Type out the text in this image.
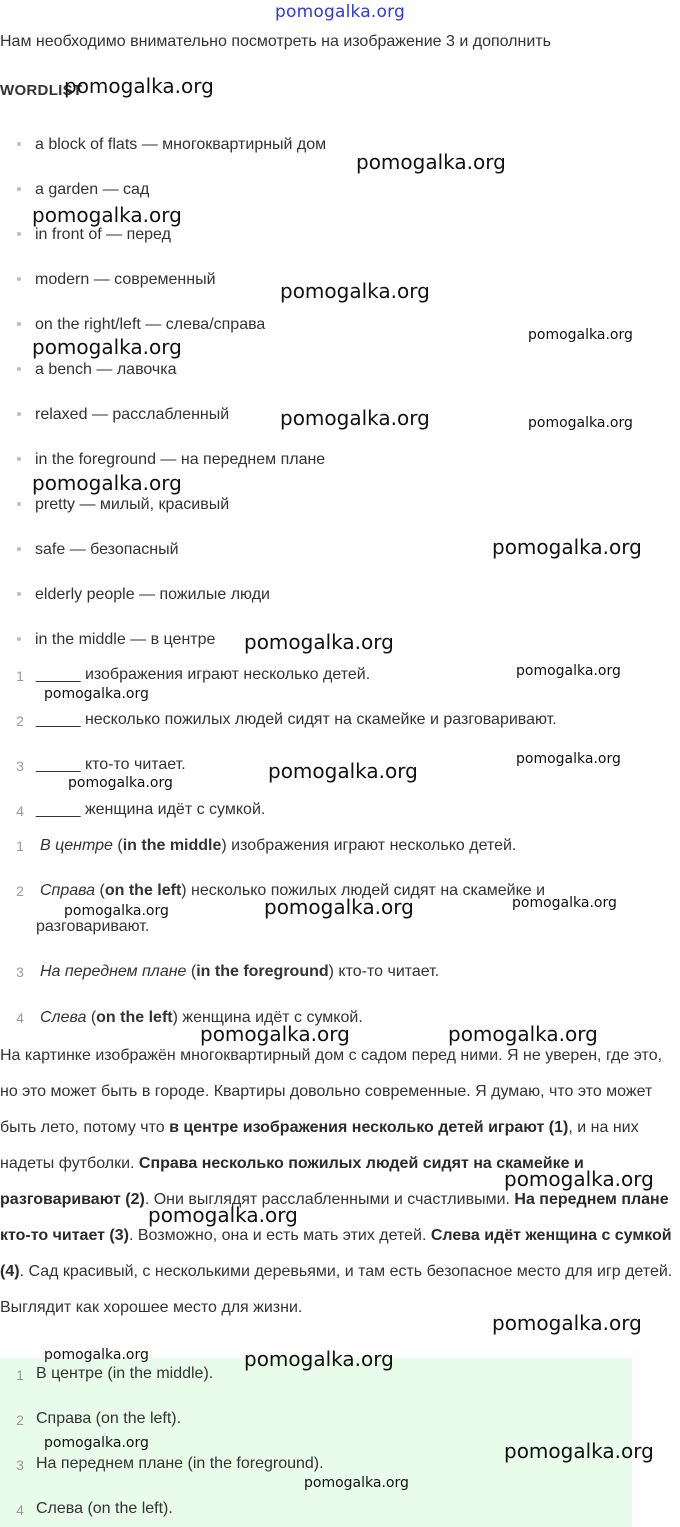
pomogalka.org
Нам необходимо внимательно посмотреть на изображение 3 и дополнить
WORDLIST
a block of flats — многоквартирный дом
a garden — сад
in front of — перед
modern — современный
on the right/left — слева/справа
a bench — лавочка
relaxed — расслабленный
in the foreground — на переднем плане
pretty — милый, красивый
safe — безопасный
elderly people — пожилые люди
in the middle — в центре
1 _____ изображения играют несколько детей.
2 _____ несколько пожилых людей сидят на скамейке и разговаривают.
3 _____ кто-то читает.
4 _____ женщина идёт с сумкой.
1 В центре (in the middle) изображения играют несколько детей.
2 Справа (on the left) несколько пожилых людей сидят на скамейке и разговаривают.
3 На переднем плане (in the foreground) кто-то читает.
4 Слева (on the left) женщина идёт с сумкой.
На картинке изображён многоквартирный дом с садом перед ними. Я не уверен, где это, но это может быть в городе. Квартиры довольно современные. Я думаю, что это может быть лето, потому что в центре изображения несколько детей играют (1), и на них надеты футболки. Справа несколько пожилых людей сидят на скамейке и разговаривают (2). Они выглядят расслабленными и счастливыми. На переднем плане кто-то читает (3). Возможно, она и есть мать этих детей. Слева идёт женщина с сумкой (4). Сад красивый, с несколькими деревьями, и там есть безопасное место для игр детей. Выглядит как хорошее место для жизни.
1 В центре (in the middle).
2 Справа (on the left).
3 На переднем плане (in the foreground).
4 Слева (on the left).
pomogalka.org
pomogalka.org
pomogalka.org
pomogalka.org
pomogalka.org	pomogalka.org
pomogalka.org	pomogalka.org
pomogalka.org
pomogalka.org
pomogalka.org
pomogalka.org
pomogalka.org
pomogalka.org
pomogalka.org
pomogalka.org
pomogalka.org
pomogalka.org	pomogalka.org
pomogalka.org	pomogalka.org
pomogalka.org
pomogalka.org
pomogalka.org
pomogalka.org	pomogalka.org
pomogalka.org	pomogalka.org
pomogalka.org
